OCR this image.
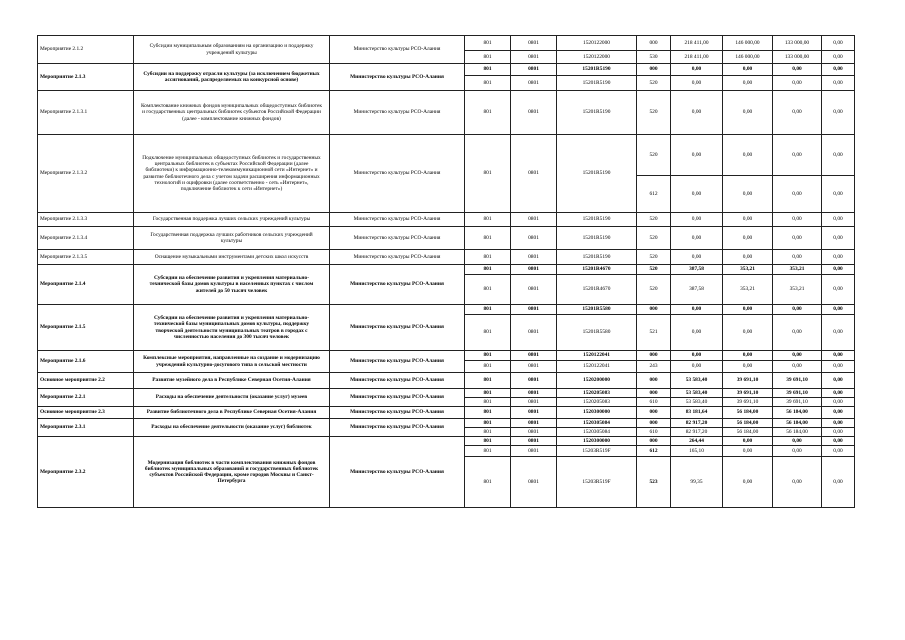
Мероприятие 2.1.2	Субсидии муниципальным образованиям на организацию и поддержку учреждений культуры	Министерство культуры РСО-Алания	801	0801	1520122000	000	218 411,00	146 000,00	133 000,00	0,00
			801	0801	1520122000	530	218 411,00	146 000,00	133 000,00	0,00
Мероприятие 2.1.3	Субсидии на поддержку отрасли культуры (за исключением бюджетных ассигнований, распределяемых на конкурсной основе)	Министерство культуры РСО-Алания	801	0801	15201R5190	000	0,00	0,00	0,00	0,00
			801	0801	15201R5190	520	0,00	0,00	0,00	0,00
Мероприятие 2.1.3.1	Комплектование книжных фондов муниципальных общедоступных библиотек и государственных центральных библиотек субъектов Российской Федерации (далее - комплектование книжных фондов)	Министерство культуры РСО-Алания	801	0801	15201R5190	520	0,00	0,00	0,00	0,00
Мероприятие 2.1.3.2	Подключение муниципальных общедоступных библиотек и государственных центральных библиотек в субъектах Российской Федерации (далее библиотеки) к информационно-телекоммуникационной сети «Интернет» и развитие библиотечного дела с учетом задачи расширения информационных технологий и оцифровки (далее соответственно - сеть «Интернет», подключение библиотек к сети «Интернет»)	Министерство культуры РСО-Алания	801	0801	15201R5190	520	0,00	0,00	0,00	0,00
						612	0,00	0,00	0,00	0,00
Мероприятие 2.1.3.3	Государственная поддержка лучших сельских учреждений культуры	Министерство культуры РСО-Алания	801	0801	15201R5190	520	0,00	0,00	0,00	0,00
Мероприятие 2.1.3.4	Государственная поддержка лучших работников сельских учреждений культуры	Министерство культуры РСО-Алания	801	0801	15201R5190	520	0,00	0,00	0,00	0,00
Мероприятие 2.1.3.5	Оснащение музыкальными инструментами детских школ искусств	Министерство культуры РСО-Алания	801	0801	15201R5190	520	0,00	0,00	0,00	0,00
Мероприятие 2.1.4	Субсидии на обеспечение развития и укрепления материально-технической базы домов культуры в населенных пунктах с числом жителей до 50 тысяч человек	Министерство культуры РСО-Алания	801	0801	15201R4670	520	387,58	353,21	353,21	0,00
			801	0801	15201R4670	520	387,58	353,21	353,21	0,00
Мероприятие 2.1.5	Субсидии на обеспечение развития и укрепления материально-технической базы муниципальных домов культуры, поддержку творческой деятельности муниципальных театров в городах с численностью населения до 300 тысяч человек	Министерство культуры РСО-Алания	801	0801	15201R5580	000	0,00	0,00	0,00	0,00
			801	0801	15201R5580	521	0,00	0,00	0,00	0,00
Мероприятие 2.1.6	Комплексные мероприятия, направленные на создание и модернизацию учреждений культурно-досугового типа в сельской местности	Министерство культуры РСО-Алания	801	0801	1520122041	000	0,00	0,00	0,00	0,00
			801	0801	1520122041	243	0,00	0,00	0,00	0,00
Основное мероприятие 2.2	Развитие музейного дела в Республике Северная Осетия-Алания	Министерство культуры РСО-Алания	801	0801	1520200000	000	53 583,40	39 691,10	39 691,10	0,00
Мероприятие 2.2.1	Расходы на обеспечение деятельности (оказание услуг) музеев	Министерство культуры РСО-Алания	801	0801	1520205083	000	53 583,40	39 691,10	39 691,10	0,00
			801	0801	1520205083	610	53 583,40	39 691,10	39 691,10	0,00
Основное мероприятие 2.3	Развитие библиотечного дела в Республике Северная Осетия-Алания	Министерство культуры РСО-Алания	801	0801	1520300000	000	83 181,64	56 184,00	56 184,00	0,00
Мероприятие 2.3.1	Расходы на обеспечение деятельности (оказание услуг) библиотек	Министерство культуры РСО-Алания	801	0801	1520305084	000	82 917,20	56 184,00	56 184,00	0,00
			801	0801	1520305084	610	82 917,20	56 184,00	56 184,00	0,00
Мероприятие 2.3.2	Модернизация библиотек в части комплектования книжных фондов библиотек муниципальных образований и государственных библиотек субъектов Российской Федерации, кроме городов Москвы и Санкт-Петербурга	Министерство культуры РСО-Алания	801	0801	1520300000	000	264,44	0,00	0,00	0,00
			801	0801	15203R519F	612	165,10	0,00	0,00	0,00
			801	0801	15203R519F	523	99,35	0,00	0,00	0,00
